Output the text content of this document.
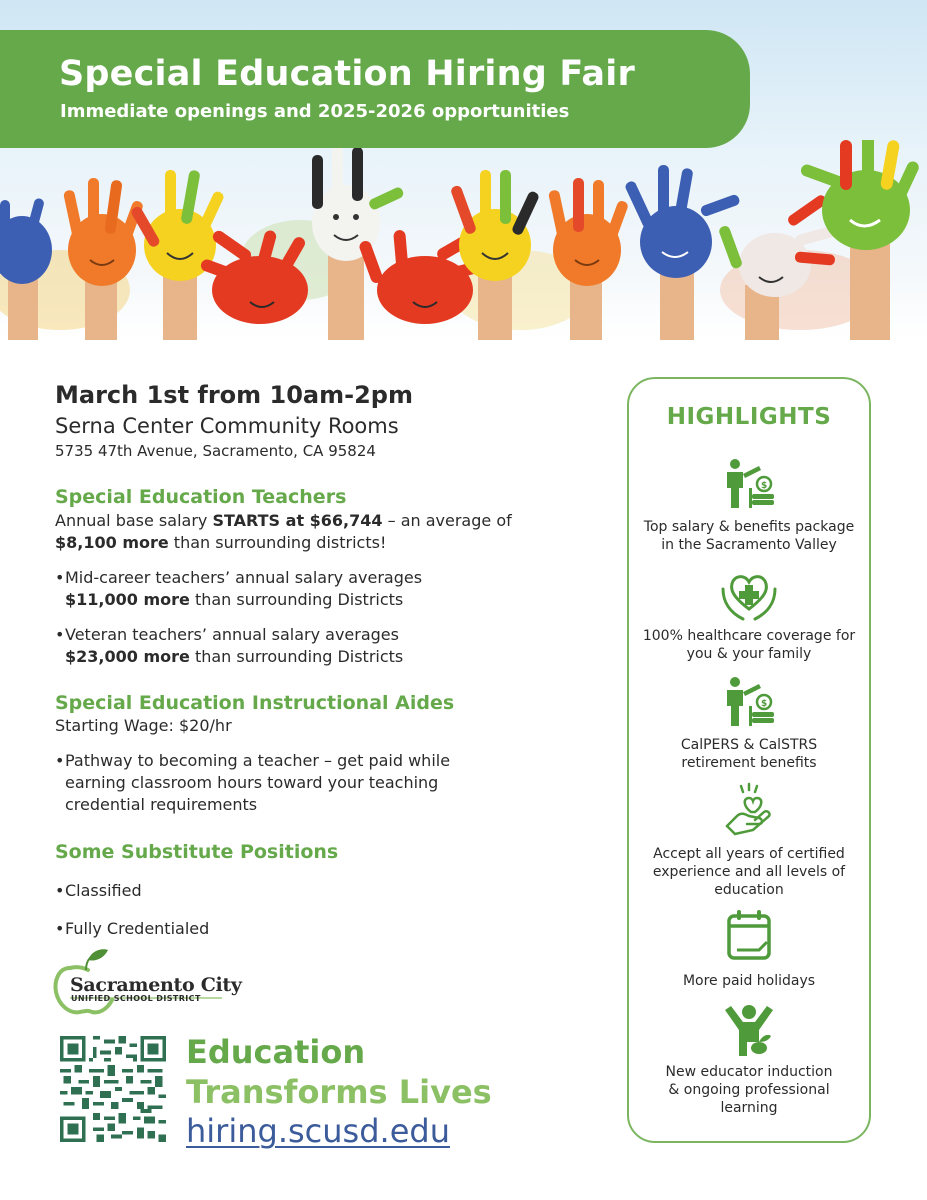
Special Education Hiring Fair

Immediate openings and 2025-2026 opportunities

March 1st from 10am-2pm

Serna Center Community Rooms

5735 47th Avenue, Sacramento, CA 95824

Special Education Teachers

Annual base salary STARTS at $66,744 – an average of

$8,100 more than surrounding districts!

•Mid-career teachers’ annual salary averages
$11,000 more than surrounding Districts

•Veteran teachers’ annual salary averages
$23,000 more than surrounding Districts

Special Education Instructional Aides

Starting Wage: $20/hr

•Pathway to becoming a teacher – get paid while
earning classroom hours toward your teaching
credential requirements

Some Substitute Positions

•Classified

•Fully Credentialed

Sacramento City

UNIFIED SCHOOL DISTRICT

Education

Transforms Lives

hiring.scusd.edu

HIGHLIGHTS
$

Top salary & benefits package
in the Sacramento Valley

100% healthcare coverage for
you & your family

$

CalPERS & CalSTRS
retirement benefits

Accept all years of certified
experience and all levels of
education

More paid holidays

New educator induction
& ongoing professional
learning
